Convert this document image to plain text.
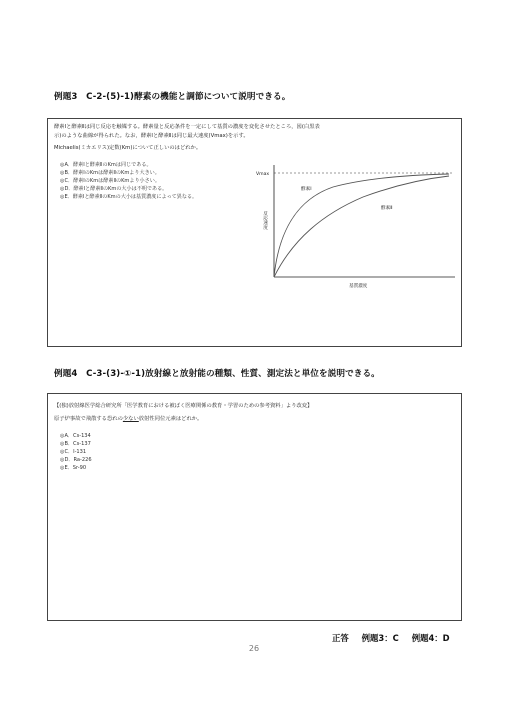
例題3　C-2-(5)-1)酵素の機能と調節について説明できる。
酵素Ⅰと酵素Ⅱは同じ反応を触媒する。酵素量と反応条件を一定にして基質の濃度を変化させたところ，図(白黒表
示)のような曲線が得られた。なお，酵素Ⅰと酵素Ⅱは同じ最大速度(Vmax)を示す。
Michaelis(ミカエリス)定数(Km)について正しいのはどれか。
◎A．酵素Ⅰと酵素ⅡのKmは同じである。
◎B．酵素ⅠのKmは酵素ⅡのKmより大きい。
◎C．酵素ⅠのKmは酵素ⅡのKmより小さい。
◎D．酵素Ⅰと酵素ⅡのKmの大小は不明である。
◎E．酵素Ⅰと酵素ⅡのKmの大小は基質濃度によって異なる。
Vmax
反応速度
酵素Ⅰ
酵素Ⅱ
基質濃度
例題4　C-3-(3)-①-1)放射線と放射能の種類、性質、測定法と単位を説明できる。
【(独)放射線医学総合研究所「医学教育における被ばく医療関係の教育・学習のための参考資料」より改変】
原子炉事故で飛散する恐れの少ない放射性同位元素はどれか。
◎A．Cs-134
◎B．Cs-137
◎C．I-131
◎D．Ra-226
◎E．Sr-90
正答 例題3：C 例題4：D
26
